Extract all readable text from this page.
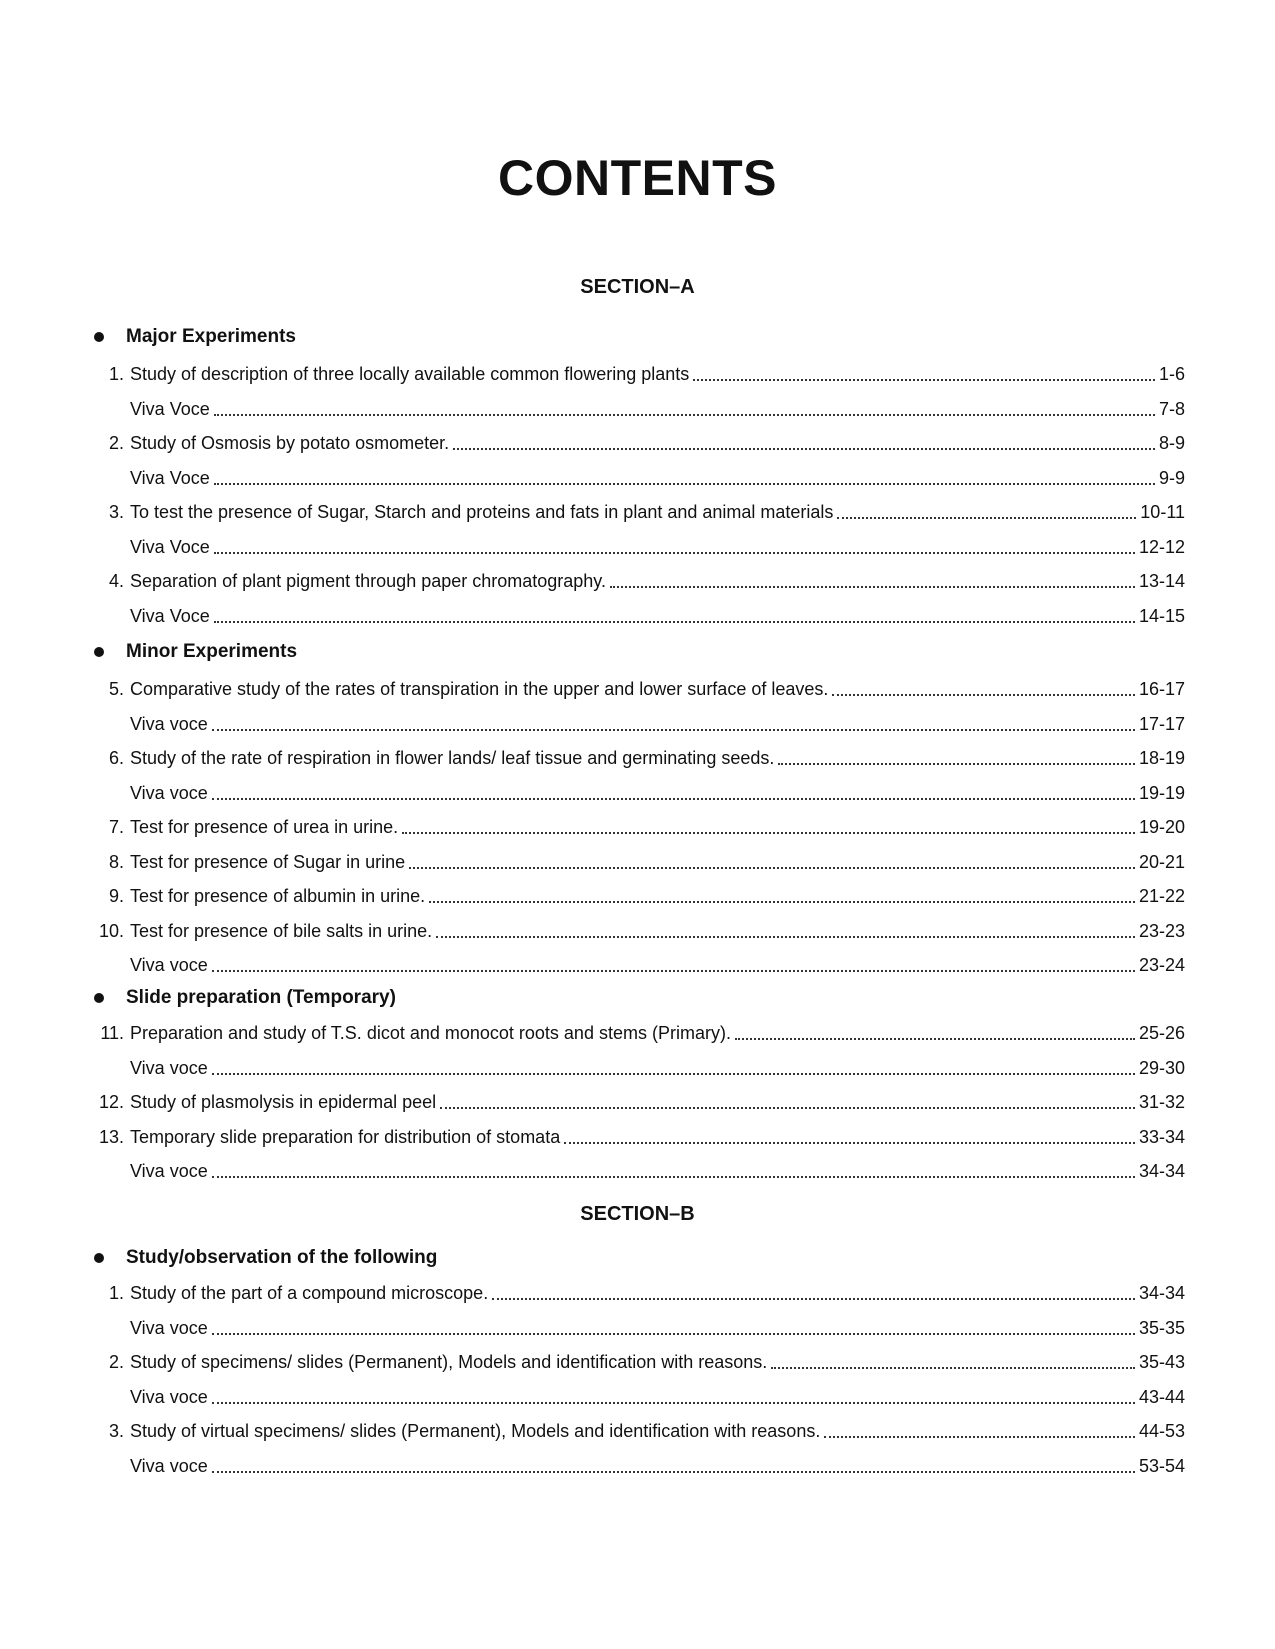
CONTENTS
SECTION–A
Major Experiments
1. Study of description of three locally available common flowering plants	1-6
Viva Voce	7-8
2. Study of Osmosis by potato osmometer.	8-9
Viva Voce	9-9
3. To test the presence of Sugar, Starch and proteins and fats in plant and animal materials	10-11
Viva Voce	12-12
4. Separation of plant pigment through paper chromatography.	13-14
Viva Voce	14-15
Minor Experiments
5. Comparative study of the rates of transpiration in the upper and lower surface of leaves.	16-17
Viva voce	17-17
6. Study of the rate of respiration in flower lands/ leaf tissue and germinating seeds.	18-19
Viva voce	19-19
7. Test for presence of urea in urine.	19-20
8. Test for presence of Sugar in urine	20-21
9. Test for presence of albumin in urine.	21-22
10. Test for presence of bile salts in urine.	23-23
Viva voce	23-24
Slide preparation (Temporary)
11. Preparation and study of T.S. dicot and monocot roots and stems (Primary).	25-26
Viva voce	29-30
12. Study of plasmolysis in epidermal peel	31-32
13. Temporary slide preparation for distribution of stomata	33-34
Viva voce	34-34
SECTION–B
Study/observation of the following
1. Study of the part of a compound microscope.	34-34
Viva voce	35-35
2. Study of specimens/ slides (Permanent), Models and identification with reasons.	35-43
Viva voce	43-44
3. Study of virtual specimens/ slides (Permanent), Models and identification with reasons.	44-53
Viva voce	53-54
